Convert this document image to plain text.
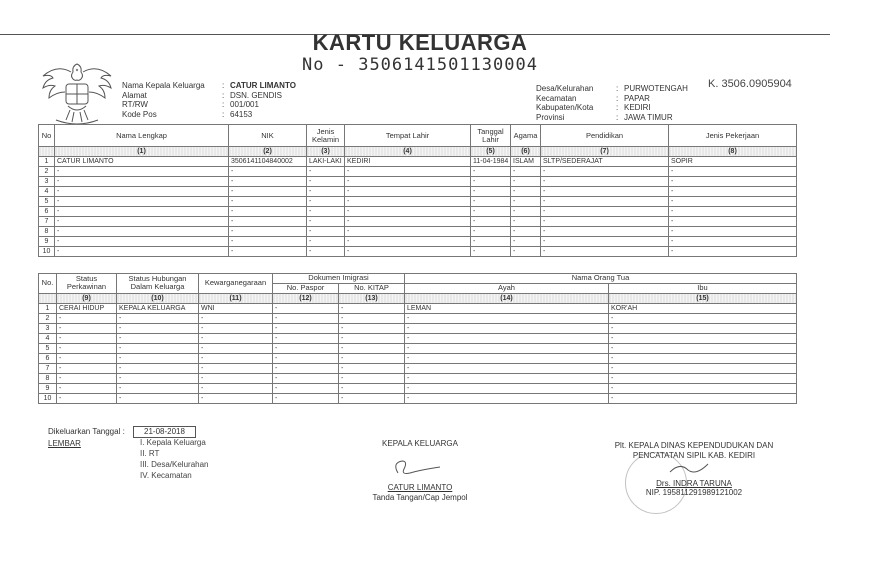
KARTU KELUARGA
No - 3506141501130004
Nama Kepala Keluarga	: CATUR LIMANTO
Alamat	: DSN. GENDIS
RT/RW	: 001/001
Kode Pos	: 64153
Desa/Kelurahan	: PURWOTENGAH
Kecamatan	: PAPAR
Kabupaten/Kota	: KEDIRI
Provinsi	: JAWA TIMUR
K. 3506.0905904
No	Nama Lengkap	NIK	Jenis Kelamin	Tempat Lahir	Tanggal Lahir	Agama	Pendidikan	Jenis Pekerjaan
	(1)	(2)	(3)	(4)	(5)	(6)	(7)	(8)
1	CATUR LIMANTO	3506141104840002	LAKI-LAKI	KEDIRI	11-04-1984	ISLAM	SLTP/SEDERAJAT	SOPIR
2	-	-	-	-	-	-	-	-
3	-	-	-	-	-	-	-	-
4	-	-	-	-	-	-	-	-
5	-	-	-	-	-	-	-	-
6	-	-	-	-	-	-	-	-
7	-	-	-	-	-	-	-	-
8	-	-	-	-	-	-	-	-
9	-	-	-	-	-	-	-	-
10	-	-	-	-	-	-	-	-
No.	Status Perkawinan	Status Hubungan Dalam Keluarga	Kewarganegaraan	Dokumen Imigrasi		Nama Orang Tua	
				No. Paspor	No. KITAP	Ayah	Ibu
	(9)	(10)	(11)	(12)	(13)	(14)	(15)
1	CERAI HIDUP	KEPALA KELUARGA	WNI	-	-	LEMAN	KOR'AH
2	-	-	-	-	-	-	-
3	-	-	-	-	-	-	-
4	-	-	-	-	-	-	-
5	-	-	-	-	-	-	-
6	-	-	-	-	-	-	-
7	-	-	-	-	-	-	-
8	-	-	-	-	-	-	-
9	-	-	-	-	-	-	-
10	-	-	-	-	-	-	-
Dikeluarkan Tanggal : 21-08-2018
LEMBAR	I. Kepala Keluarga
II. RT
III. Desa/Kelurahan
IV. Kecamatan
KEPALA KELUARGA
CATUR LIMANTO
Tanda Tangan/Cap Jempol
Plt. KEPALA DINAS KEPENDUDUKAN DAN
PENCATATAN SIPIL KAB. KEDIRI
Drs. INDRA TARUNA
NIP. 195811291989121002
